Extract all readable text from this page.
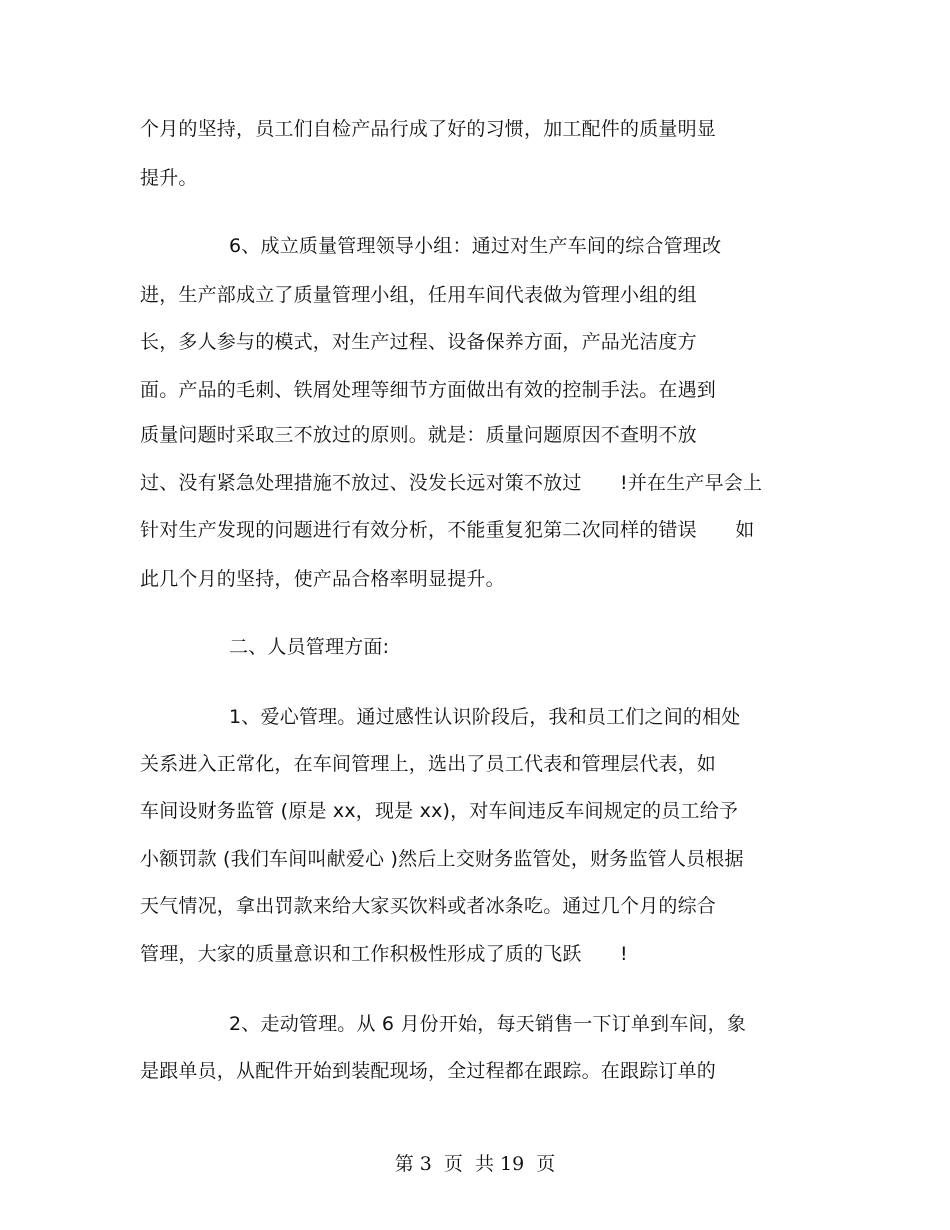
个月的坚持，员工们自检产品行成了好的习惯，加工配件的质量明显
提升。
6、成立质量管理领导小组：通过对生产车间的综合管理改
进，生产部成立了质量管理小组，任用车间代表做为管理小组的组
长，多人参与的模式，对生产过程、设备保养方面，产品光洁度方
面。产品的毛刺、铁屑处理等细节方面做出有效的控制手法。在遇到
质量问题时采取三不放过的原则。就是：质量问题原因不查明不放
过、没有紧急处理措施不放过、没发长远对策不放过　　!并在生产早会上
针对生产发现的问题进行有效分析，不能重复犯第二次同样的错误　　如
此几个月的坚持，使产品合格率明显提升。
二、人员管理方面:
1、爱心管理。通过感性认识阶段后，我和员工们之间的相处
关系进入正常化，在车间管理上，选出了员工代表和管理层代表，如
车间设财务监管 (原是 xx，现是 xx)，对车间违反车间规定的员工给予
小额罚款 (我们车间叫献爱心 )然后上交财务监管处，财务监管人员根据
天气情况，拿出罚款来给大家买饮料或者冰条吃。通过几个月的综合
管理，大家的质量意识和工作积极性形成了质的飞跃　　!
2、走动管理。从 6 月份开始，每天销售一下订单到车间，象
是跟单员，从配件开始到装配现场，全过程都在跟踪。在跟踪订单的
第 3  页  共 19  页
